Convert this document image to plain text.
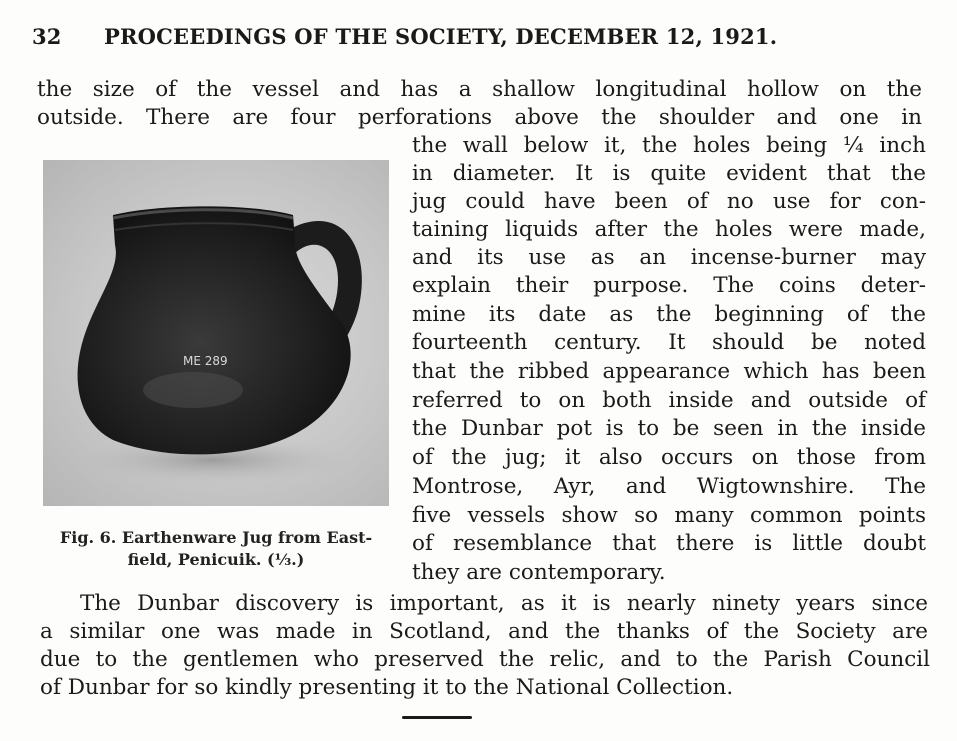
32 PROCEEDINGS OF THE SOCIETY, DECEMBER 12, 1921.
the size of the vessel and has a shallow longitudinal hollow on the
outside. There are four perforations above the shoulder and one in
the wall below it, the holes being ¼ inch
in diameter. It is quite evident that the
jug could have been of no use for con-
taining liquids after the holes were made,
and its use as an incense-burner may
explain their purpose. The coins deter-
mine its date as the beginning of the
fourteenth century. It should be noted
that the ribbed appearance which has been
referred to on both inside and outside of
the Dunbar pot is to be seen in the inside
of the jug; it also occurs on those from
Montrose, Ayr, and Wigtownshire. The
five vessels show so many common points
of resemblance that there is little doubt
they are contemporary.
The Dunbar discovery is important, as it is nearly ninety years since
a similar one was made in Scotland, and the thanks of the Society are
due to the gentlemen who preserved the relic, and to the Parish Council
of Dunbar for so kindly presenting it to the National Collection.
ME 289
Fig. 6. Earthenware Jug from East-
field, Penicuik. (⅓.)
